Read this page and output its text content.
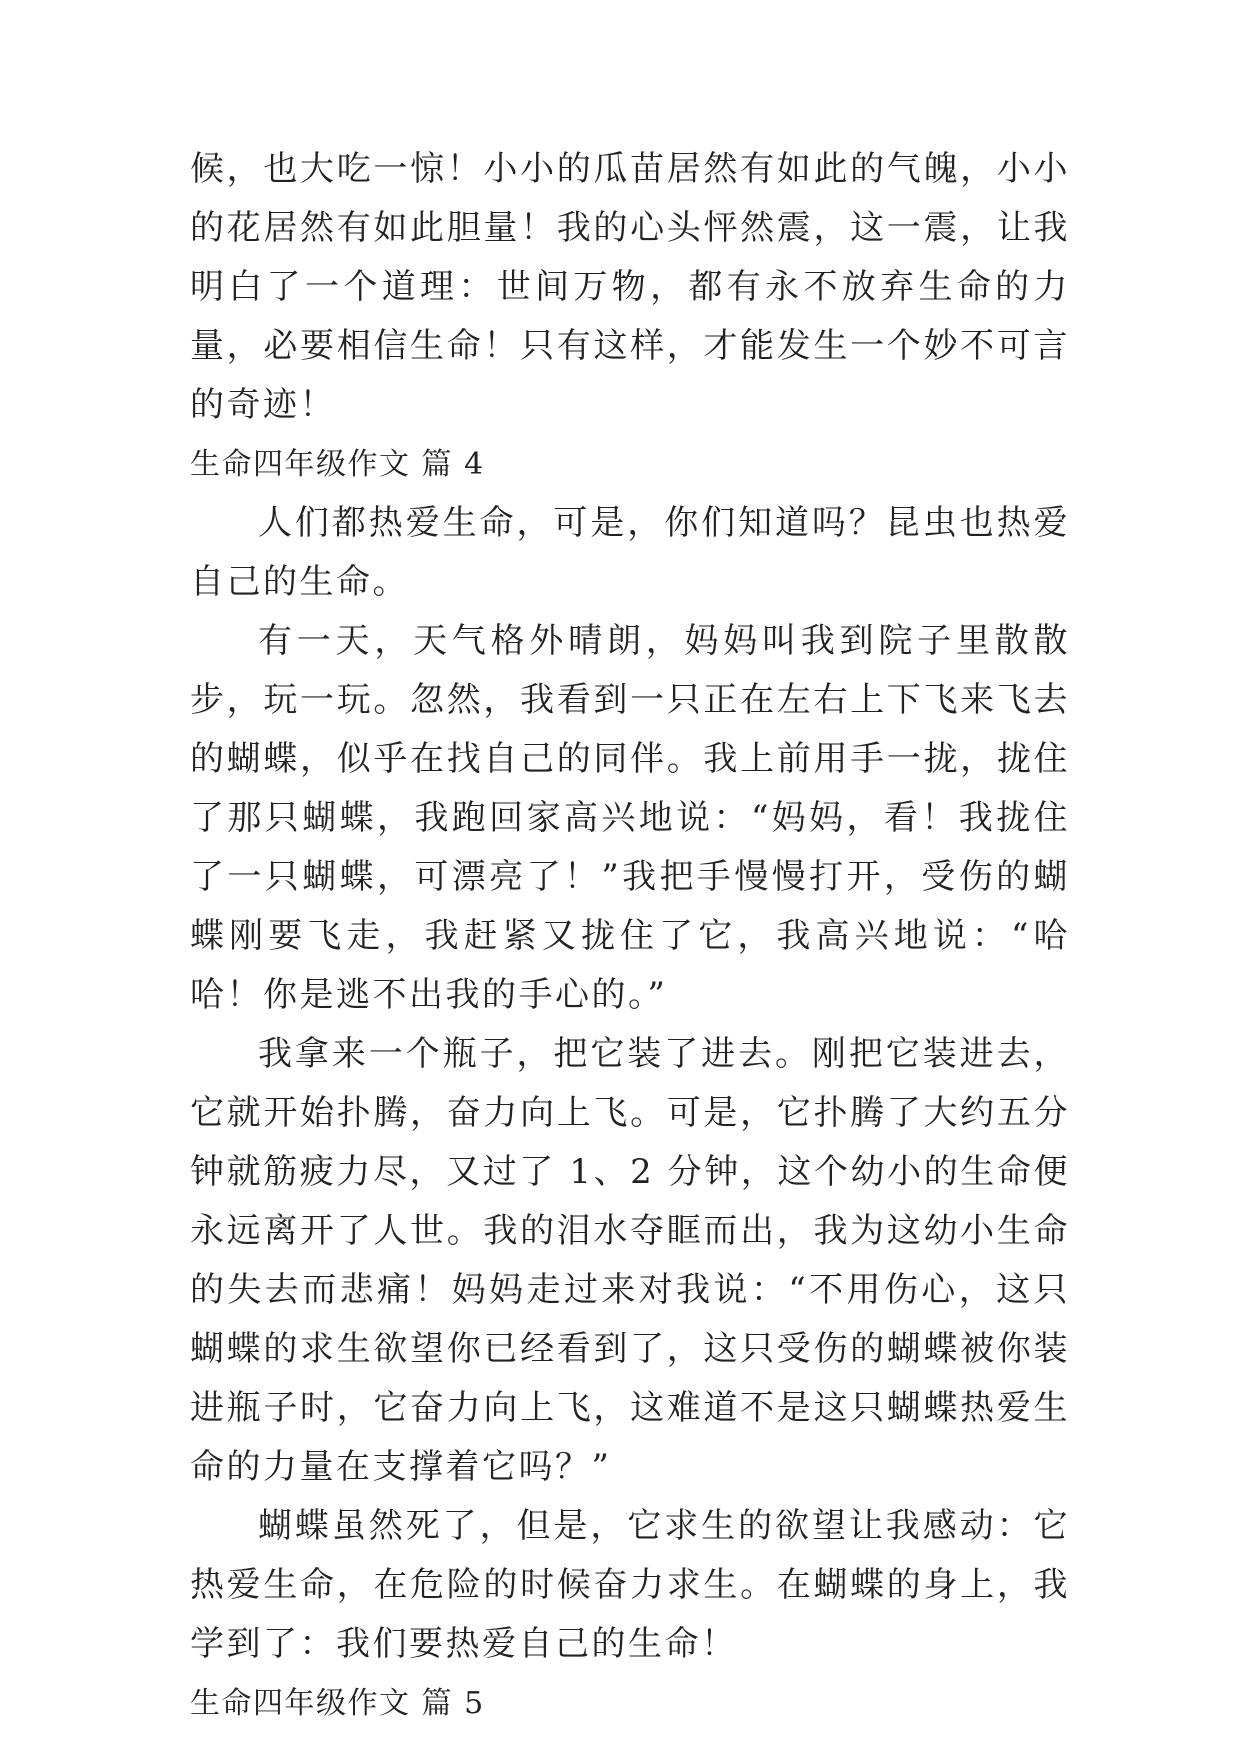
候，也大吃一惊！小小的瓜苗居然有如此的气魄，小小的花居然有如此胆量！我的心头怦然震，这一震，让我明白了一个道理：世间万物，都有永不放弃生命的力量，必要相信生命！只有这样，才能发生一个妙不可言的奇迹！

生命四年级作文 篇 4

人们都热爱生命，可是，你们知道吗？昆虫也热爱自己的生命。

有一天，天气格外晴朗，妈妈叫我到院子里散散步，玩一玩。忽然，我看到一只正在左右上下飞来飞去的蝴蝶，似乎在找自己的同伴。我上前用手一拢，拢住了那只蝴蝶，我跑回家高兴地说：“妈妈，看！我拢住了一只蝴蝶，可漂亮了！”我把手慢慢打开，受伤的蝴蝶刚要飞走，我赶紧又拢住了它，我高兴地说：“哈哈！你是逃不出我的手心的。”

我拿来一个瓶子，把它装了进去。刚把它装进去，它就开始扑腾，奋力向上飞。可是，它扑腾了大约五分钟就筋疲力尽，又过了 1、2 分钟，这个幼小的生命便永远离开了人世。我的泪水夺眶而出，我为这幼小生命的失去而悲痛！妈妈走过来对我说：“不用伤心，这只蝴蝶的求生欲望你已经看到了，这只受伤的蝴蝶被你装进瓶子时，它奋力向上飞，这难道不是这只蝴蝶热爱生命的力量在支撑着它吗？”

蝴蝶虽然死了，但是，它求生的欲望让我感动：它热爱生命，在危险的时候奋力求生。在蝴蝶的身上，我学到了：我们要热爱自己的生命！

生命四年级作文 篇 5
